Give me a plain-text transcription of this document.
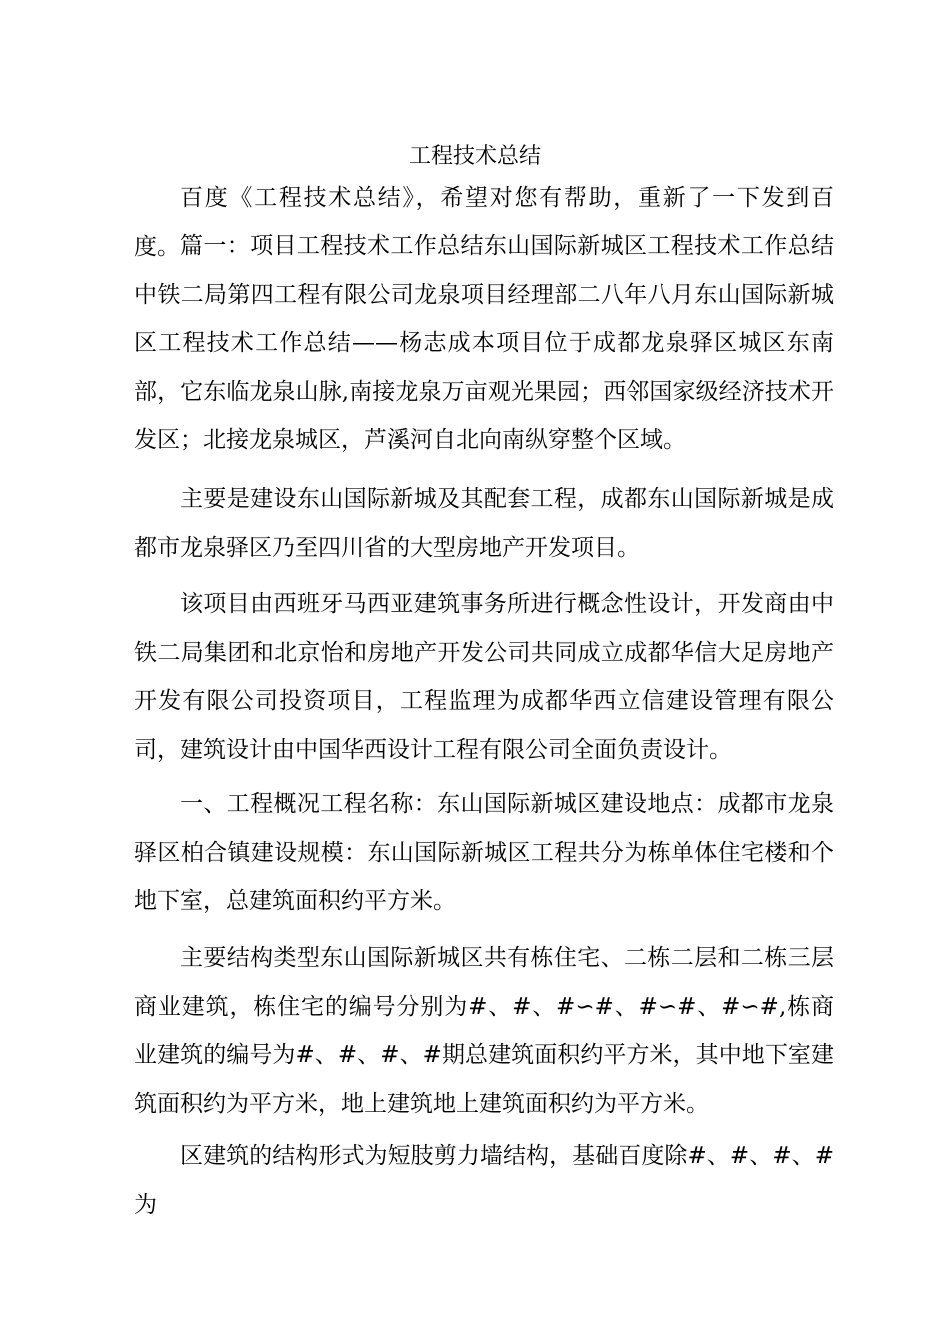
工程技术总结
百度《工程技术总结》，希望对您有帮助，重新了一下发到百度。 篇一：项目工程技术工作总结东山国际新城区工程技术工作总结中铁二局第四工程有限公司龙泉项目经理部二八年八月东山国际新城区工程技术工作总结——杨志成本项目位于成都龙泉驿区城区东南部，它东临龙泉山脉,南接龙泉万亩观光果园；西邻国家级经济技术开发区；北接龙泉城区，芦溪河自北向南纵穿整个区域。
主要是建设东山国际新城及其配套工程，成都东山国际新城是成都市龙泉驿区乃至四川省的大型房地产开发项目。
该项目由西班牙马西亚建筑事务所进行概念性设计，开发商由中铁二局集团和北京怡和房地产开发公司共同成立成都华信大足房地产开发有限公司投资项目，工程监理为成都华西立信建设管理有限公司，建筑设计由中国华西设计工程有限公司全面负责设计。
一、工程概况工程名称：东山国际新城区建设地点：成都市龙泉驿区柏合镇建设规模：东山国际新城区工程共分为栋单体住宅楼和个地下室，总建筑面积约平方米。
主要结构类型东山国际新城区共有栋住宅、二栋二层和二栋三层商业建筑，栋住宅的编号分别为#、#、#∽#、#∽#、#∽#,栋商业建筑的编号为#、#、#、#期总建筑面积约平方米，其中地下室建筑面积约为平方米，地上建筑地上建筑面积约为平方米。
区建筑的结构形式为短肢剪力墙结构，基础百度除#、#、#、#为
